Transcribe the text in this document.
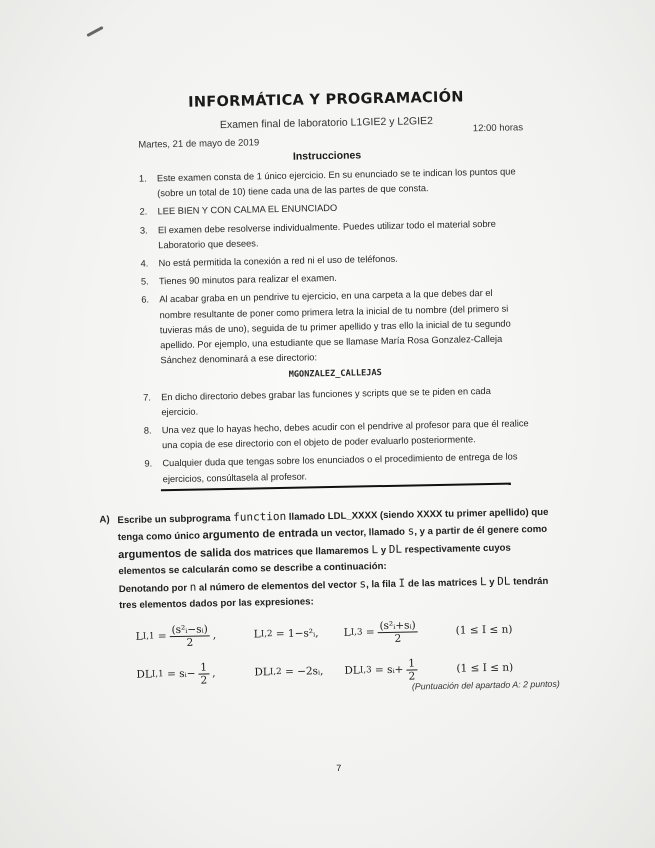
INFORMÁTICA Y PROGRAMACIÓN
Examen final de laboratorio L1GIE2 y L2GIE2	12:00 horas
Martes, 21 de mayo de 2019
Instrucciones
1.	Este examen consta de 1 único ejercicio. En su enunciado se te indican los puntos que (sobre un total de 10) tiene cada una de las partes de que consta.
2.	LEE BIEN Y CON CALMA EL ENUNCIADO
3.	El examen debe resolverse individualmente. Puedes utilizar todo el material sobre Laboratorio que desees.
4.	No está permitida la conexión a red ni el uso de teléfonos.
5.	Tienes 90 minutos para realizar el examen.
6.	Al acabar graba en un pendrive tu ejercicio, en una carpeta a la que debes dar el nombre resultante de poner como primera letra la inicial de tu nombre (del primero si tuvieras más de uno), seguida de tu primer apellido y tras ello la inicial de tu segundo apellido. Por ejemplo, una estudiante que se llamase María Rosa Gonzalez-Calleja Sánchez denominará a ese directorio:
MGONZALEZ_CALLEJAS
7.	En dicho directorio debes grabar las funciones y scripts que se te piden en cada ejercicio.
8.	Una vez que lo hayas hecho, debes acudir con el pendrive al profesor para que él realice una copia de ese directorio con el objeto de poder evaluarlo posteriormente.
9.	Cualquier duda que tengas sobre los enunciados o el procedimiento de entrega de los ejercicios, consúltasela al profesor.
A) Escribe un subprograma function llamado LDL_XXXX (siendo XXXX tu primer apellido) que tenga como único argumento de entrada un vector, llamado s, y a partir de él genere como argumentos de salida dos matrices que llamaremos L y DL respectivamente cuyos elementos se calcularán como se describe a continuación:
Denotando por n al número de elementos del vector s, la fila I de las matrices L y DL tendrán tres elementos dados por las expresiones:
L $I,1 = \frac{\text{(s²ᵢ−sᵢ)}}{2}$ ,	L I,2
= 1−s²ᵢ, L $I,3 = \frac{\text{(s²ᵢ+sᵢ)}}{2}$	(1 ≤ I ≤ n)
DL I,1
= sᵢ− $\frac{1}{2}$ ,	DL I,2
= −2sᵢ, DL I,3
= sᵢ+ $\frac{1}{2}$	(1 ≤ I ≤ n)
(Puntuación del apartado A: 2 puntos)
7
